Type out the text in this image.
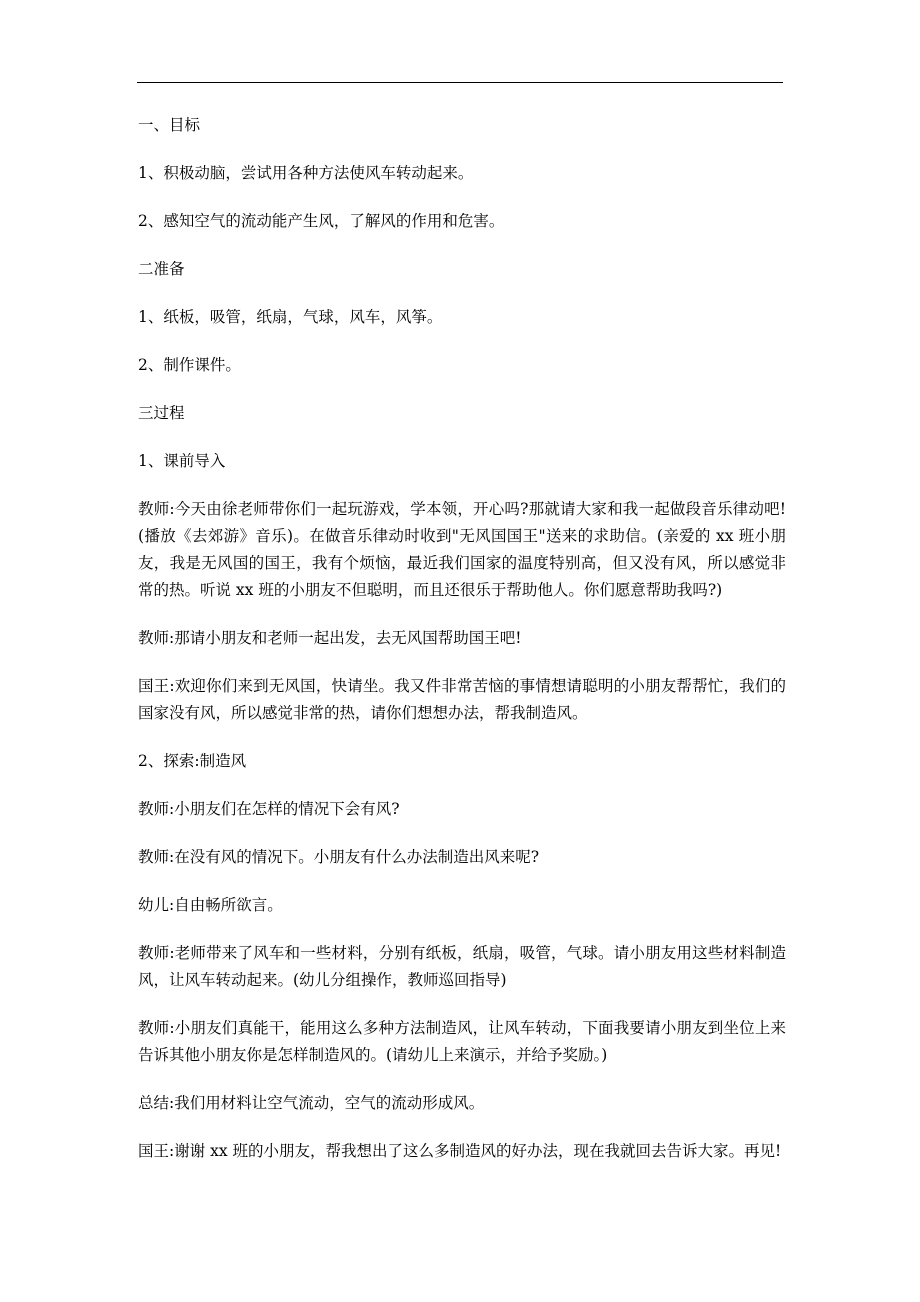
一、目标

1、积极动脑，尝试用各种方法使风车转动起来。

2、感知空气的流动能产生风，了解风的作用和危害。

二准备

1、纸板，吸管，纸扇，气球，风车，风筝。

2、制作课件。

三过程

1、课前导入

教师:今天由徐老师带你们一起玩游戏，学本领，开心吗?那就请大家和我一起做段音乐律动吧!(播放《去郊游》音乐)。在做音乐律动时收到"无风国国王"送来的求助信。(亲爱的 xx 班小朋友，我是无风国的国王，我有个烦恼，最近我们国家的温度特别高，但又没有风，所以感觉非常的热。听说 xx 班的小朋友不但聪明，而且还很乐于帮助他人。你们愿意帮助我吗?)

教师:那请小朋友和老师一起出发，去无风国帮助国王吧!

国王:欢迎你们来到无风国，快请坐。我又件非常苦恼的事情想请聪明的小朋友帮帮忙，我们的国家没有风，所以感觉非常的热，请你们想想办法，帮我制造风。

2、探索:制造风

教师:小朋友们在怎样的情况下会有风?

教师:在没有风的情况下。小朋友有什么办法制造出风来呢?

幼儿:自由畅所欲言。

教师:老师带来了风车和一些材料，分别有纸板，纸扇，吸管，气球。请小朋友用这些材料制造风，让风车转动起来。(幼儿分组操作，教师巡回指导)

教师:小朋友们真能干，能用这么多种方法制造风，让风车转动，下面我要请小朋友到坐位上来告诉其他小朋友你是怎样制造风的。(请幼儿上来演示，并给予奖励。)

总结:我们用材料让空气流动，空气的流动形成风。

国王:谢谢 xx 班的小朋友，帮我想出了这么多制造风的好办法，现在我就回去告诉大家。再见!
